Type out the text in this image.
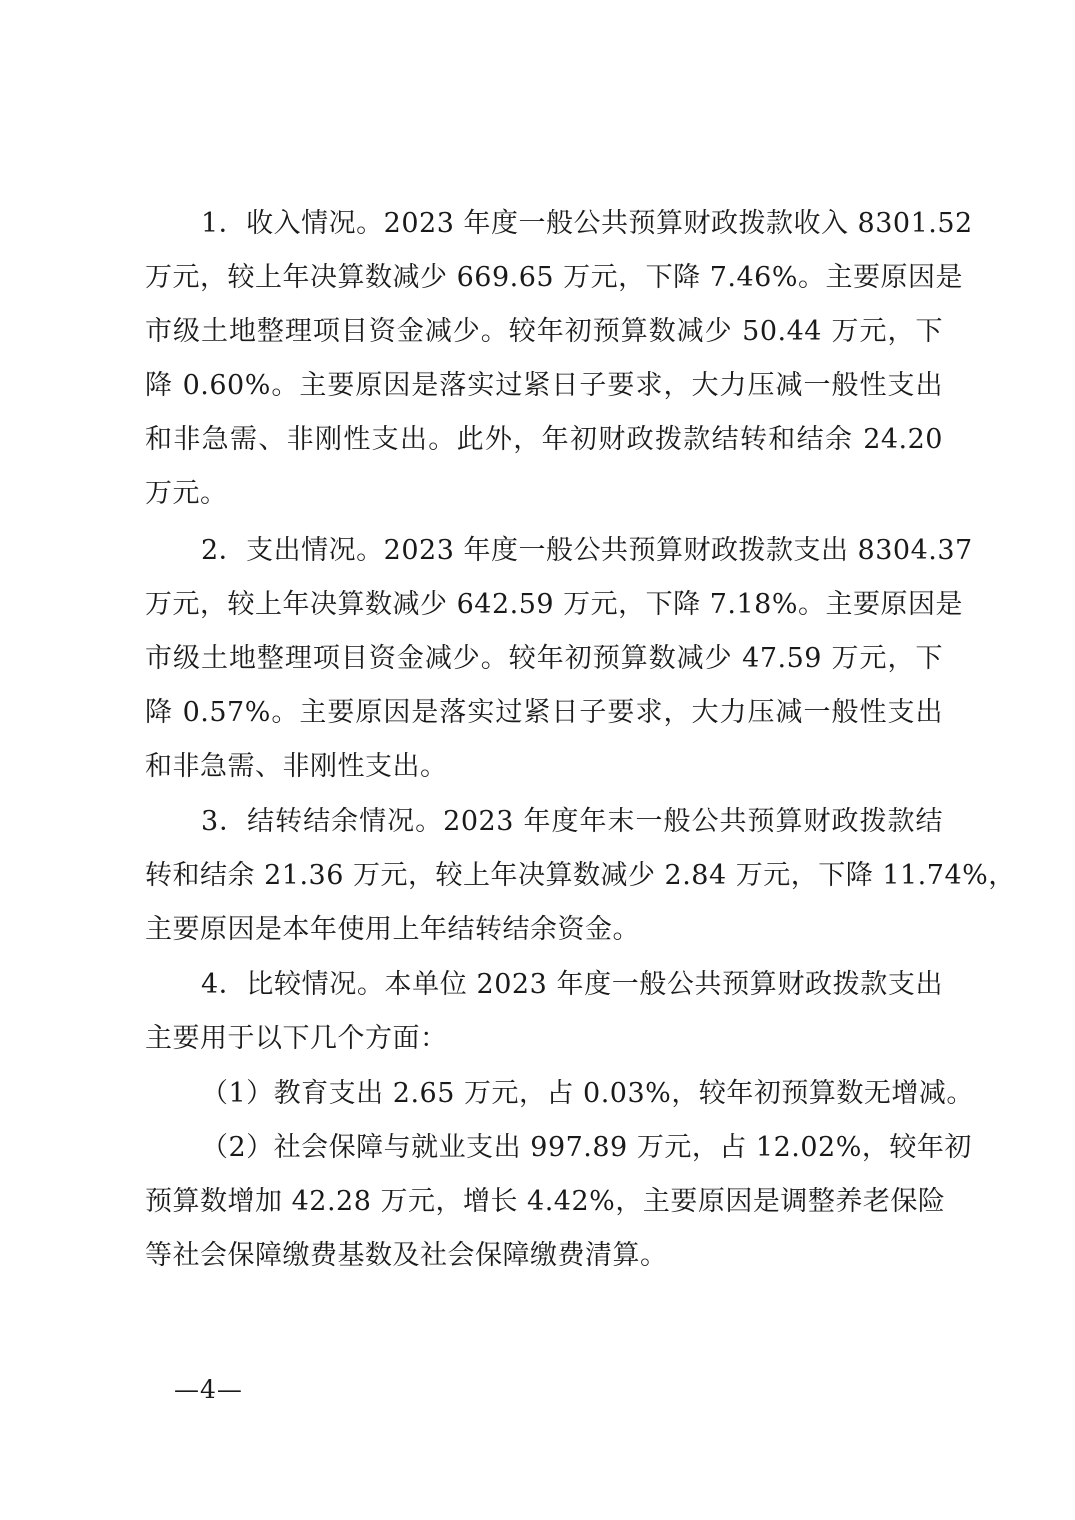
1．收入情况。2023 年度一般公共预算财政拨款收入 8301.52
万元，较上年决算数减少 669.65 万元，下降 7.46%。主要原因是
市级土地整理项目资金减少。较年初预算数减少 50.44 万元，下
降 0.60%。主要原因是落实过紧日子要求，大力压减一般性支出
和非急需、非刚性支出。此外，年初财政拨款结转和结余 24.20
万元。
2．支出情况。2023 年度一般公共预算财政拨款支出 8304.37
万元，较上年决算数减少 642.59 万元，下降 7.18%。主要原因是
市级土地整理项目资金减少。较年初预算数减少 47.59 万元，下
降 0.57%。主要原因是落实过紧日子要求，大力压减一般性支出
和非急需、非刚性支出。
3．结转结余情况。2023 年度年末一般公共预算财政拨款结
转和结余 21.36 万元，较上年决算数减少 2.84 万元，下降 11.74%，
主要原因是本年使用上年结转结余资金。
4．比较情况。本单位 2023 年度一般公共预算财政拨款支出
主要用于以下几个方面：
（1）教育支出 2.65 万元，占 0.03%，较年初预算数无增减。
（2）社会保障与就业支出 997.89 万元，占 12.02%，较年初
预算数增加 42.28 万元，增长 4.42%，主要原因是调整养老保险
等社会保障缴费基数及社会保障缴费清算。
—4—
